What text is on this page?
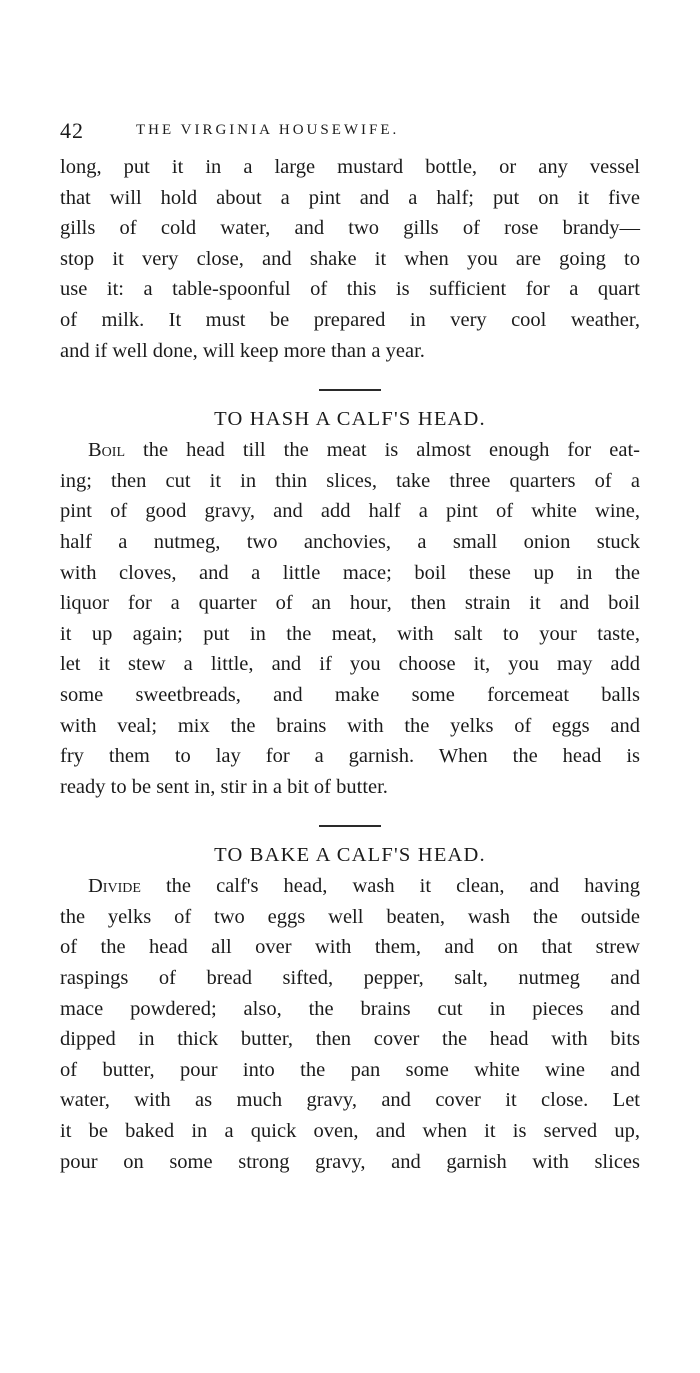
42	THE VIRGINIA HOUSEWIFE.
long, put it in a large mustard bottle, or any vessel
that will hold about a pint and a half; put on it five
gills of cold water, and two gills of rose brandy—
stop it very close, and shake it when you are going to
use it: a table-spoonful of this is sufficient for a quart
of milk. It must be prepared in very cool weather,
and if well done, will keep more than a year.
TO HASH A CALF'S HEAD.
Boil the head till the meat is almost enough for eat-
ing; then cut it in thin slices, take three quarters of a
pint of good gravy, and add half a pint of white wine,
half a nutmeg, two anchovies, a small onion stuck
with cloves, and a little mace; boil these up in the
liquor for a quarter of an hour, then strain it and boil
it up again; put in the meat, with salt to your taste,
let it stew a little, and if you choose it, you may add
some sweetbreads, and make some forcemeat balls
with veal; mix the brains with the yelks of eggs and
fry them to lay for a garnish. When the head is
ready to be sent in, stir in a bit of butter.
TO BAKE A CALF'S HEAD.
Divide the calf's head, wash it clean, and having
the yelks of two eggs well beaten, wash the outside
of the head all over with them, and on that strew
raspings of bread sifted, pepper, salt, nutmeg and
mace powdered; also, the brains cut in pieces and
dipped in thick butter, then cover the head with bits
of butter, pour into the pan some white wine and
water, with as much gravy, and cover it close. Let
it be baked in a quick oven, and when it is served up,
pour on some strong gravy, and garnish with slices
